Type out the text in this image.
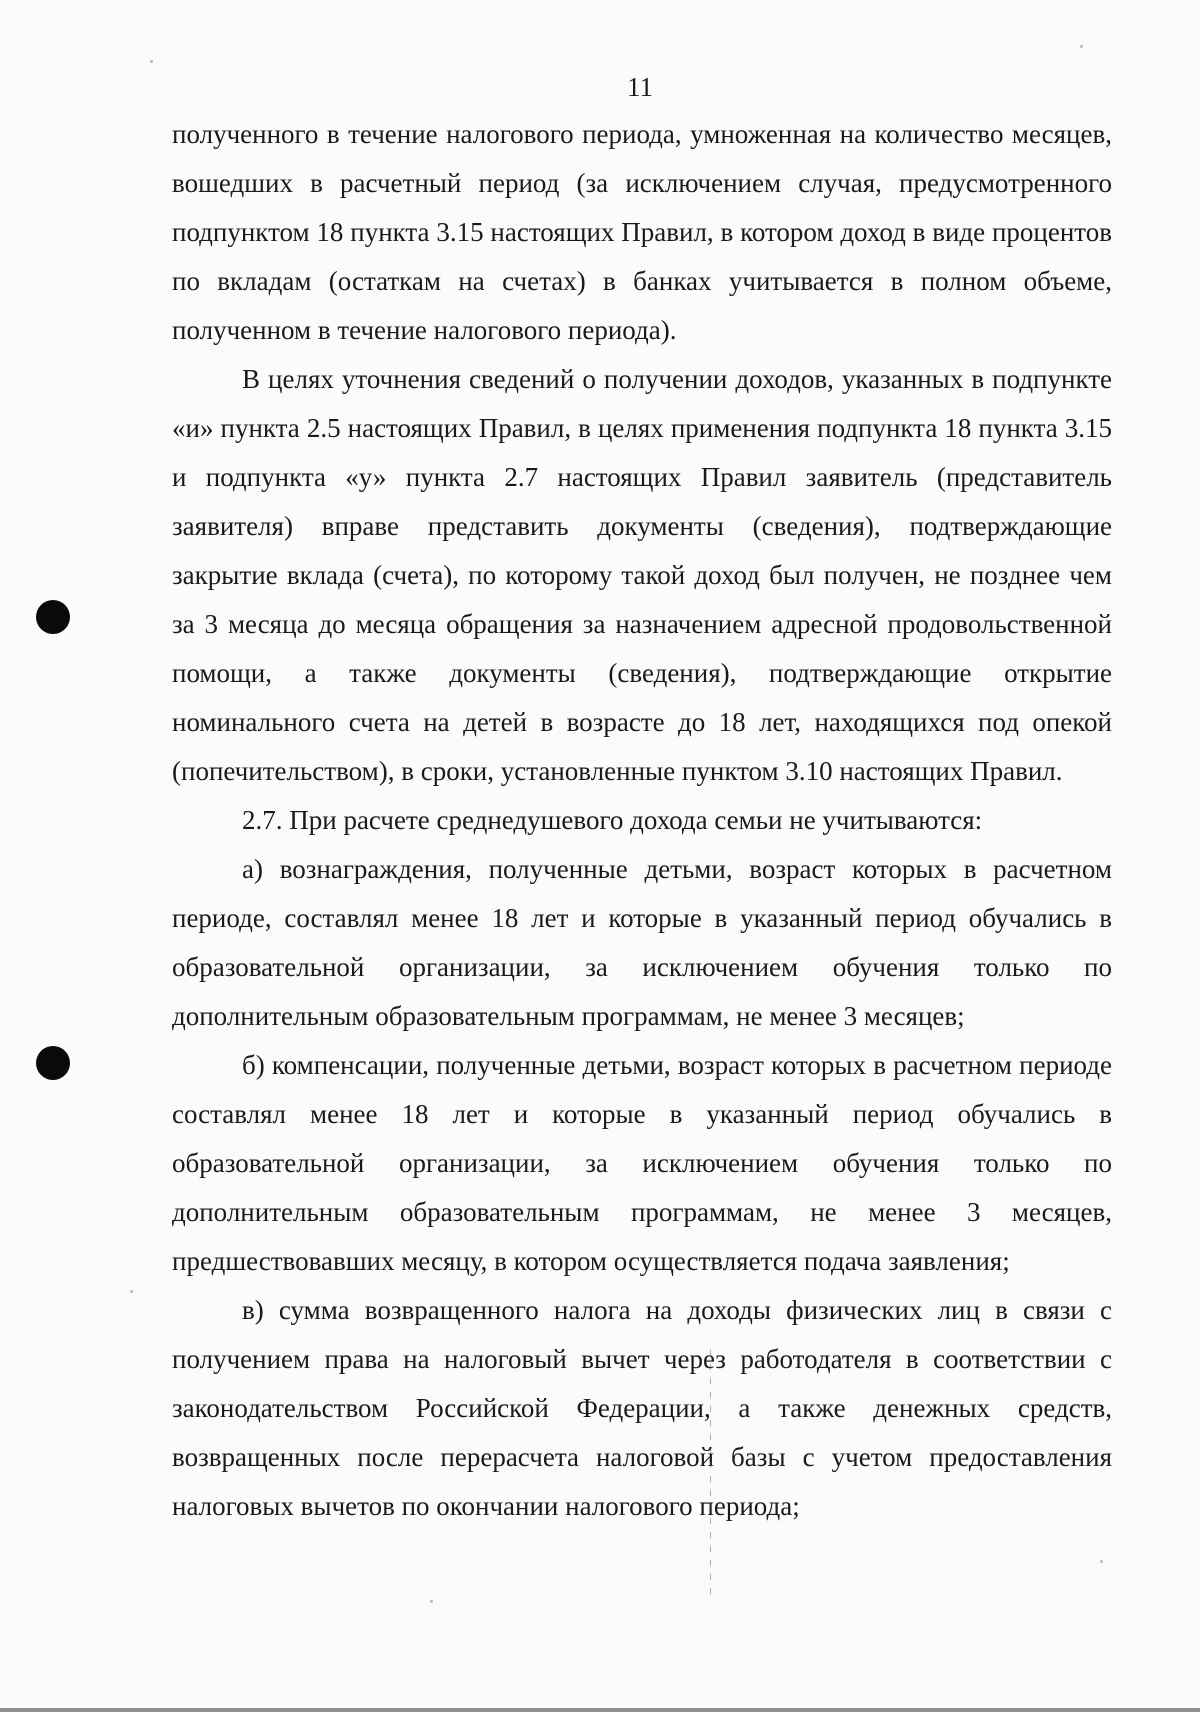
11

полученного в течение налогового периода, умноженная на количество месяцев, вошедших в расчетный период (за исключением случая, предусмотренного подпунктом 18 пункта 3.15 настоящих Правил, в котором доход в виде процентов по вкладам (остаткам на счетах) в банках учитывается в полном объеме, полученном в течение налогового периода).

В целях уточнения сведений о получении доходов, указанных в подпункте «и» пункта 2.5 настоящих Правил, в целях применения подпункта 18 пункта 3.15 и подпункта «у» пункта 2.7 настоящих Правил заявитель (представитель заявителя) вправе представить документы (сведения), подтверждающие закрытие вклада (счета), по которому такой доход был получен, не позднее чем за 3 месяца до месяца обращения за назначением адресной продовольственной помощи, а также документы (сведения), подтверждающие открытие номинального счета на детей в возрасте до 18 лет, находящихся под опекой (попечительством), в сроки, установленные пунктом 3.10 настоящих Правил.

2.7. При расчете среднедушевого дохода семьи не учитываются:

а) вознаграждения, полученные детьми, возраст которых в расчетном периоде, составлял менее 18 лет и которые в указанный период обучались в образовательной организации, за исключением обучения только по дополнительным образовательным программам, не менее 3 месяцев;

б) компенсации, полученные детьми, возраст которых в расчетном периоде составлял менее 18 лет и которые в указанный период обучались в образовательной организации, за исключением обучения только по дополнительным образовательным программам, не менее 3 месяцев, предшествовавших месяцу, в котором осуществляется подача заявления;

в) сумма возвращенного налога на доходы физических лиц в связи с получением права на налоговый вычет через работодателя в соответствии с законодательством Российской Федерации, а также денежных средств, возвращенных после перерасчета налоговой базы с учетом предоставления налоговых вычетов по окончании налогового периода;
